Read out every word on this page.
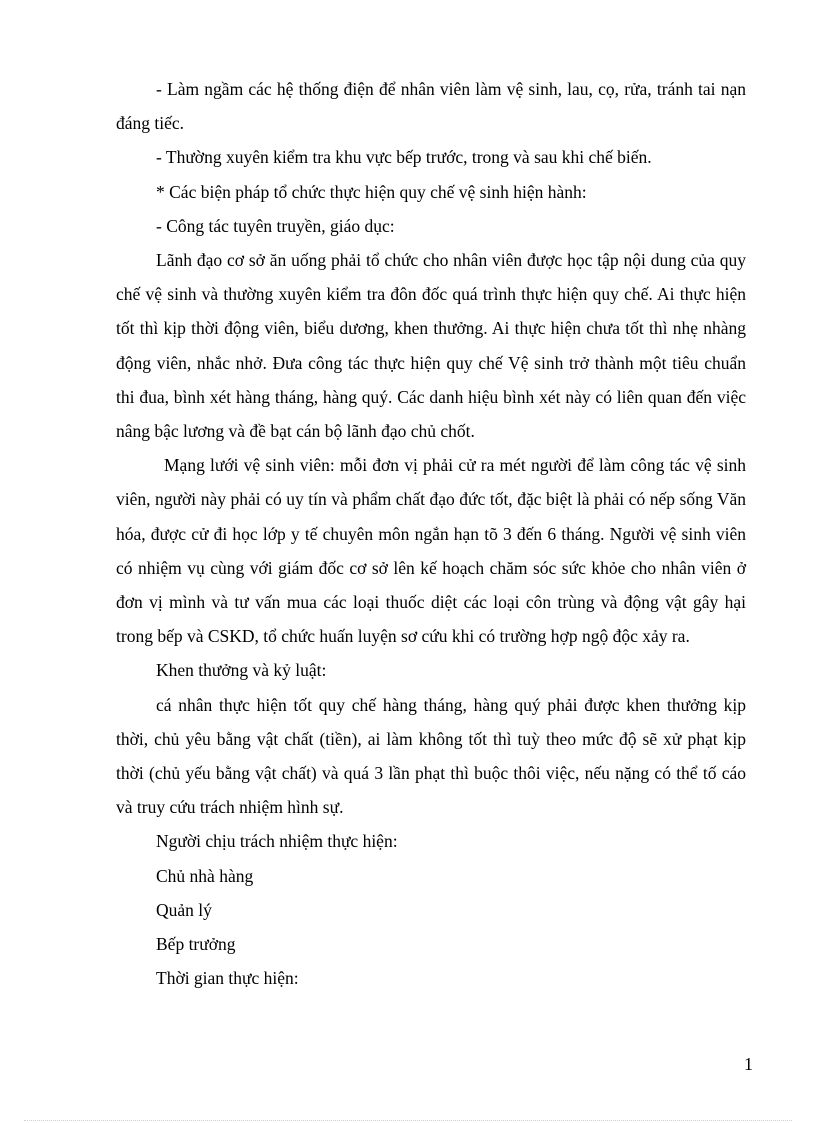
- Làm ngầm các hệ thống điện để nhân viên làm vệ sinh, lau, cọ, rửa, tránh tai nạn đáng tiếc.

- Thường xuyên kiểm tra khu vực bếp trước, trong và sau khi chế biến.

* Các biện pháp tổ chức thực hiện quy chế vệ sinh hiện hành:

- Công tác tuyên truyền, giáo dục:

Lãnh đạo cơ sở ăn uống phải tổ chức cho nhân viên được học tập nội dung của quy chế vệ sinh và thường xuyên kiểm tra đôn đốc quá trình thực hiện quy chế. Ai thực hiện tốt thì kịp thời động viên, biểu dương, khen thưởng. Ai thực hiện chưa tốt thì nhẹ nhàng động viên, nhắc nhở. Đưa công tác thực hiện quy chế Vệ sinh trở thành một tiêu chuẩn thi đua, bình xét hàng tháng, hàng quý. Các danh hiệu bình xét này có liên quan đến việc nâng bậc lương và đề bạt cán bộ lãnh đạo chủ chốt.

Mạng lưới vệ sinh viên: mỗi đơn vị phải cử ra mét người để làm công tác vệ sinh viên, người này phải có uy tín và phẩm chất đạo đức tốt, đặc biệt là phải có nếp sống Văn hóa, được cử đi học lớp y tế chuyên môn ngắn hạn tõ 3 đến 6 tháng. Người vệ sinh viên có nhiệm vụ cùng với giám đốc cơ sở lên kế hoạch chăm sóc sức khỏe cho nhân viên ở đơn vị mình và tư vấn mua các loại thuốc diệt các loại côn trùng và động vật gây hại trong bếp và CSKD, tổ chức huấn luyện sơ cứu khi có trường hợp ngộ độc xảy ra.

Khen thưởng và kỷ luật:

cá nhân thực hiện tốt quy chế hàng tháng, hàng quý phải được khen thưởng kịp thời, chủ yêu bằng vật chất (tiền), ai làm không tốt thì tuỳ theo mức độ sẽ xử phạt kịp thời (chủ yếu bằng vật chất) và quá 3 lần phạt thì buộc thôi việc, nếu nặng có thể tố cáo và truy cứu trách nhiệm hình sự.

Người chịu trách nhiệm thực hiện:

Chủ nhà hàng

Quản lý

Bếp trưởng

Thời gian thực hiện:

1
